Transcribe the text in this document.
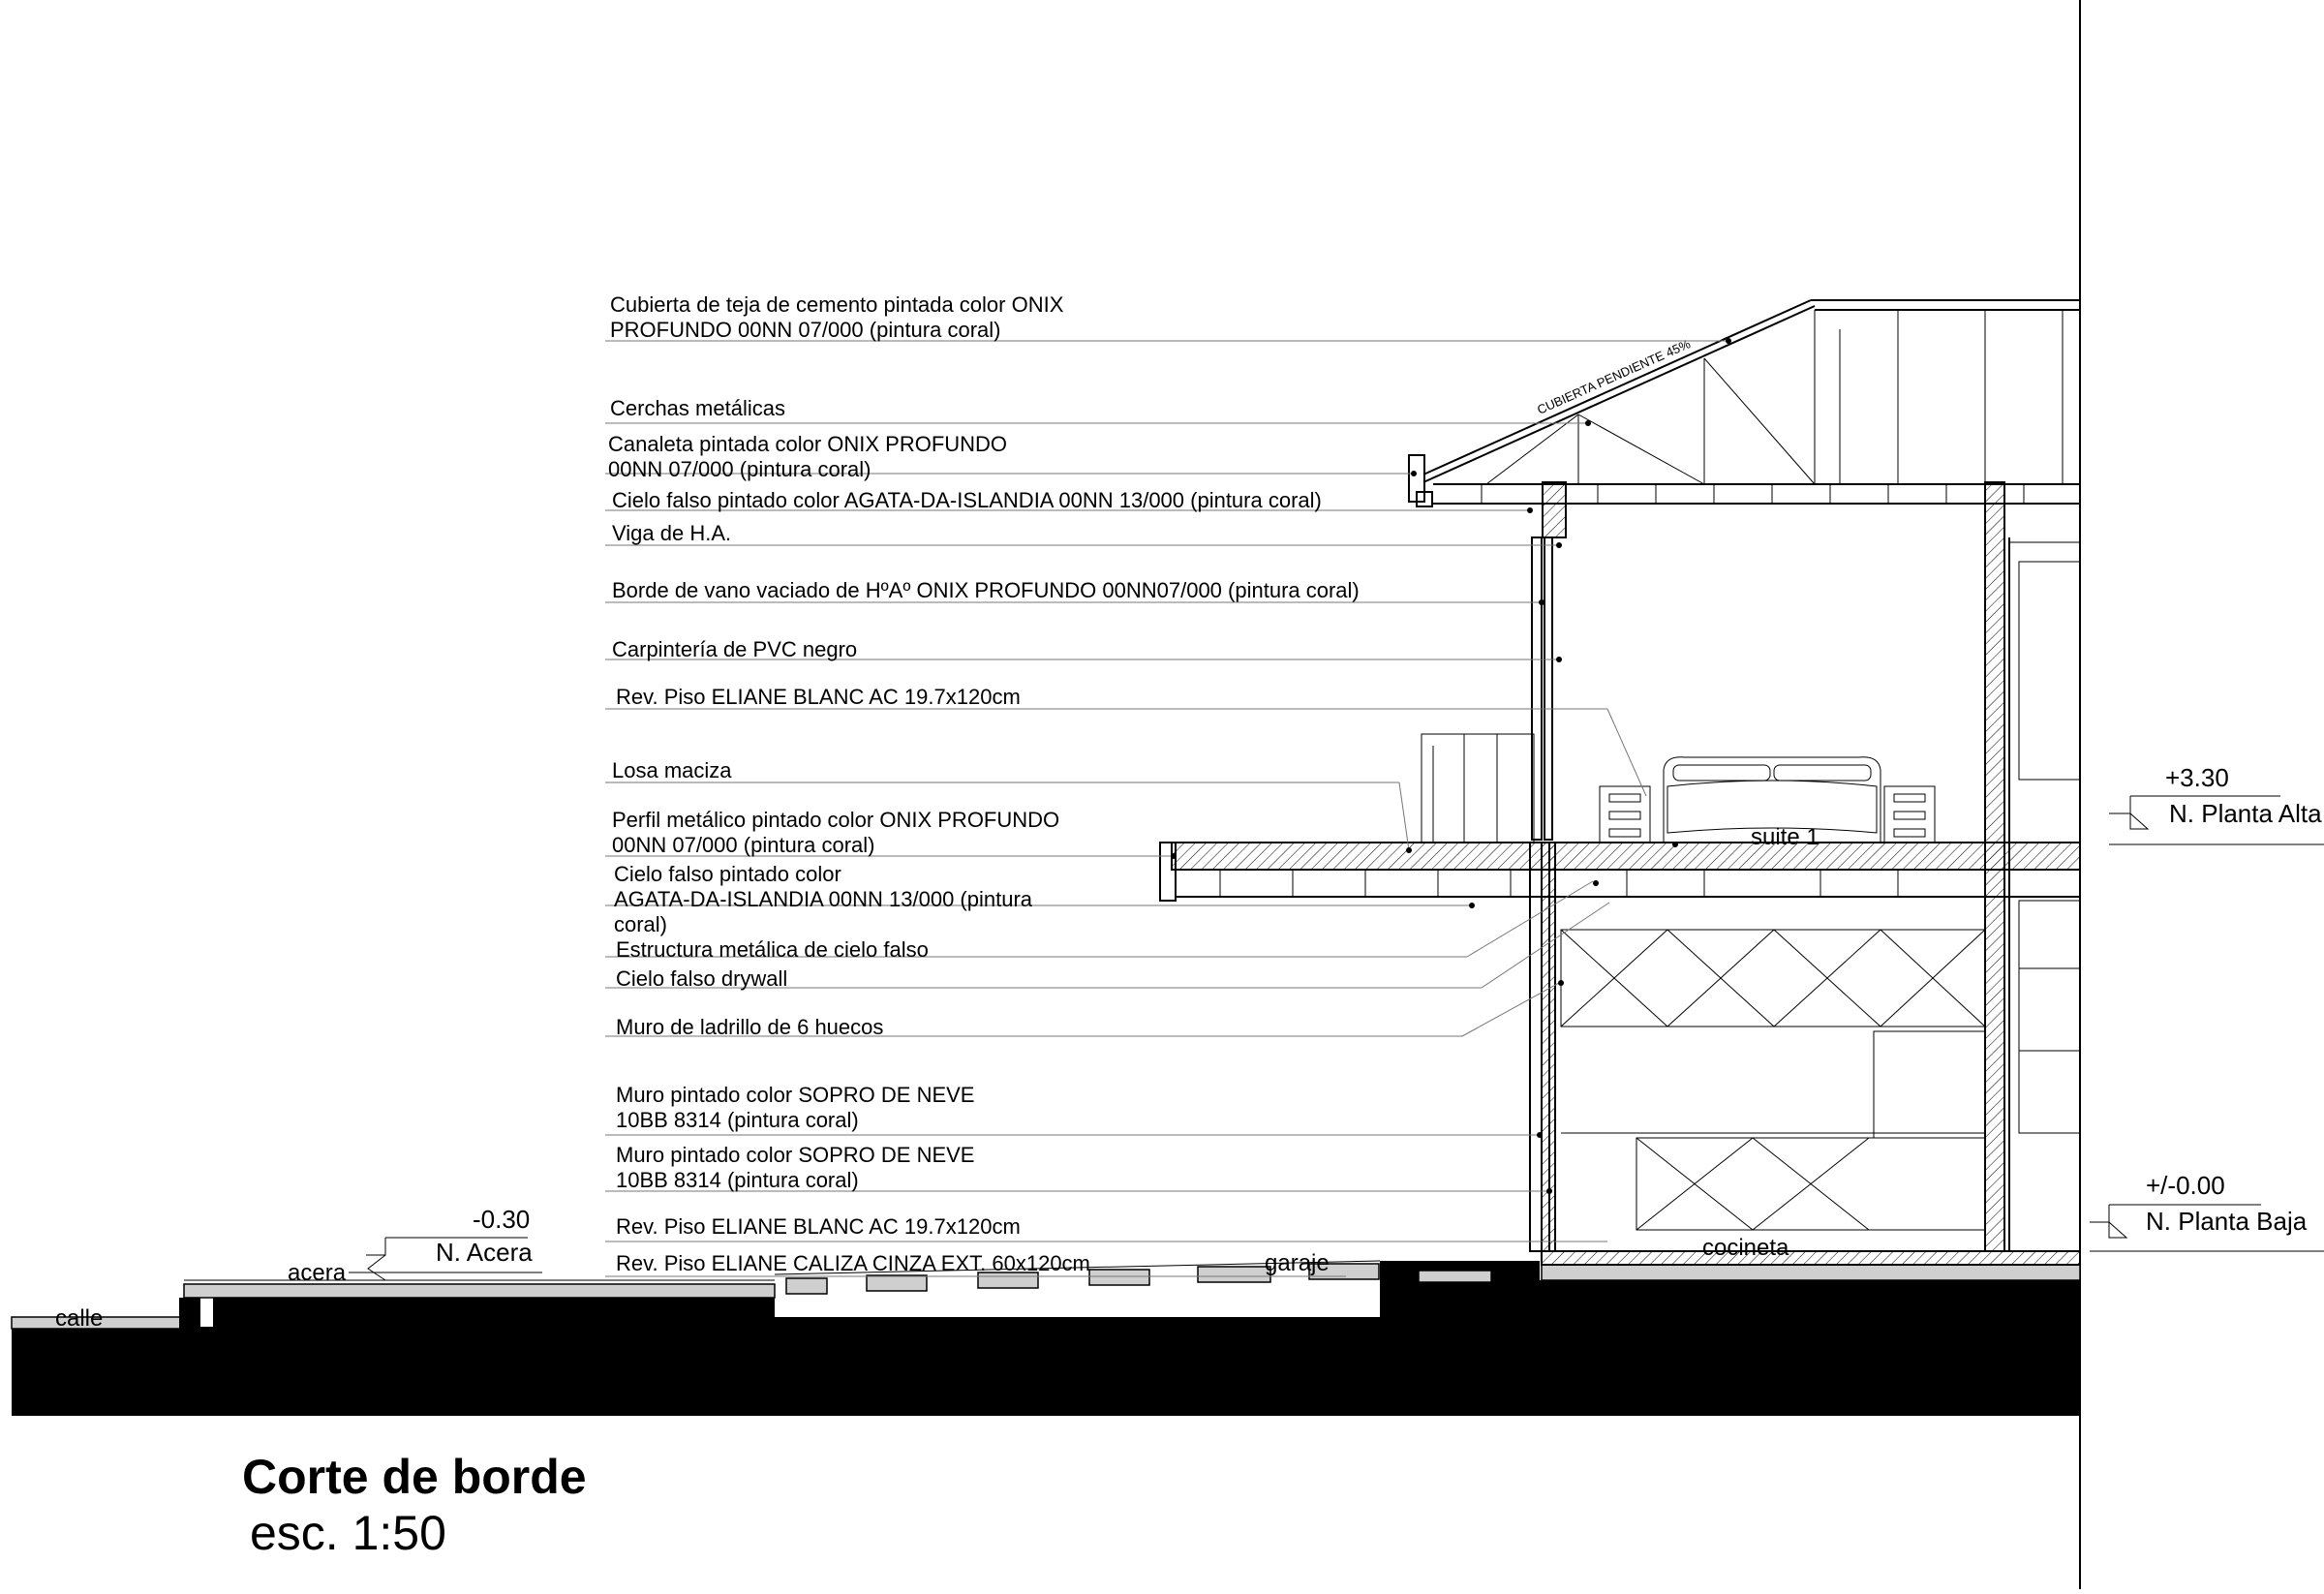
CUBIERTA PENDIENTE 45%
Cubierta de teja de cemento pintada color ONIX
PROFUNDO 00NN 07/000 (pintura coral)
Cerchas metálicas
Canaleta pintada color ONIX PROFUNDO
00NN 07/000 (pintura coral)
Cielo falso pintado color AGATA-DA-ISLANDIA 00NN 13/000 (pintura coral)
Viga de H.A.
Borde de vano vaciado de HºAº ONIX PROFUNDO 00NN07/000 (pintura coral)
Carpintería de PVC negro
Rev. Piso ELIANE BLANC AC 19.7x120cm
Losa maciza
Perfil metálico pintado color ONIX PROFUNDO
00NN 07/000 (pintura coral)
Cielo falso pintado color
AGATA-DA-ISLANDIA 00NN 13/000 (pintura
coral)
Estructura metálica de cielo falso
Cielo falso drywall
Muro de ladrillo de 6 huecos
Muro pintado color SOPRO DE NEVE
10BB 8314 (pintura coral)
Muro pintado color SOPRO DE NEVE
10BB 8314 (pintura coral)
Rev. Piso ELIANE BLANC AC 19.7x120cm
Rev. Piso ELIANE CALIZA CINZA EXT. 60x120cm
suite 1
cocineta
garaje
acera
calle
+3.30
N. Planta Alta
+/-0.00
N. Planta Baja
-0.30
N. Acera
Corte de borde
esc. 1:50
